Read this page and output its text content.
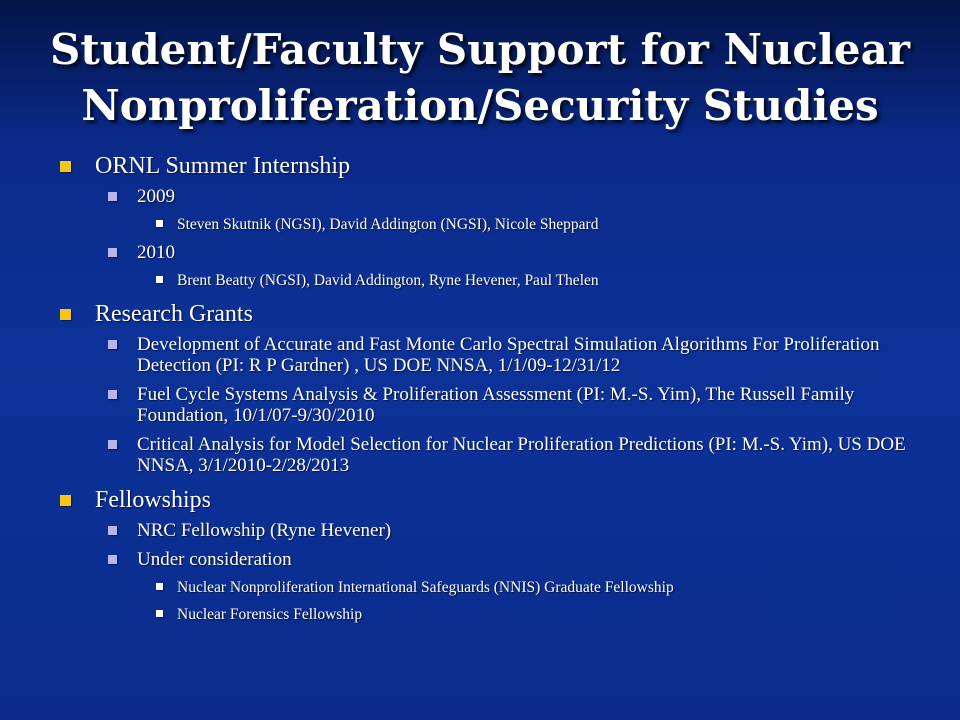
Student/Faculty Support for Nuclear
Nonproliferation/Security Studies
ORNL Summer Internship
2009
Steven Skutnik (NGSI), David Addington (NGSI), Nicole Sheppard
2010
Brent Beatty (NGSI), David Addington, Ryne Hevener, Paul Thelen
Research Grants
Development of Accurate and Fast Monte Carlo Spectral Simulation Algorithms For Proliferation Detection (PI: R P Gardner) , US DOE NNSA, 1/1/09-12/31/12
Fuel Cycle Systems Analysis & Proliferation Assessment (PI: M.-S. Yim), The Russell Family Foundation, 10/1/07-9/30/2010
Critical Analysis for Model Selection for Nuclear Proliferation Predictions (PI: M.-S. Yim), US DOE NNSA, 3/1/2010-2/28/2013
Fellowships
NRC Fellowship (Ryne Hevener)
Under consideration
Nuclear Nonproliferation International Safeguards (NNIS) Graduate Fellowship
Nuclear Forensics Fellowship
